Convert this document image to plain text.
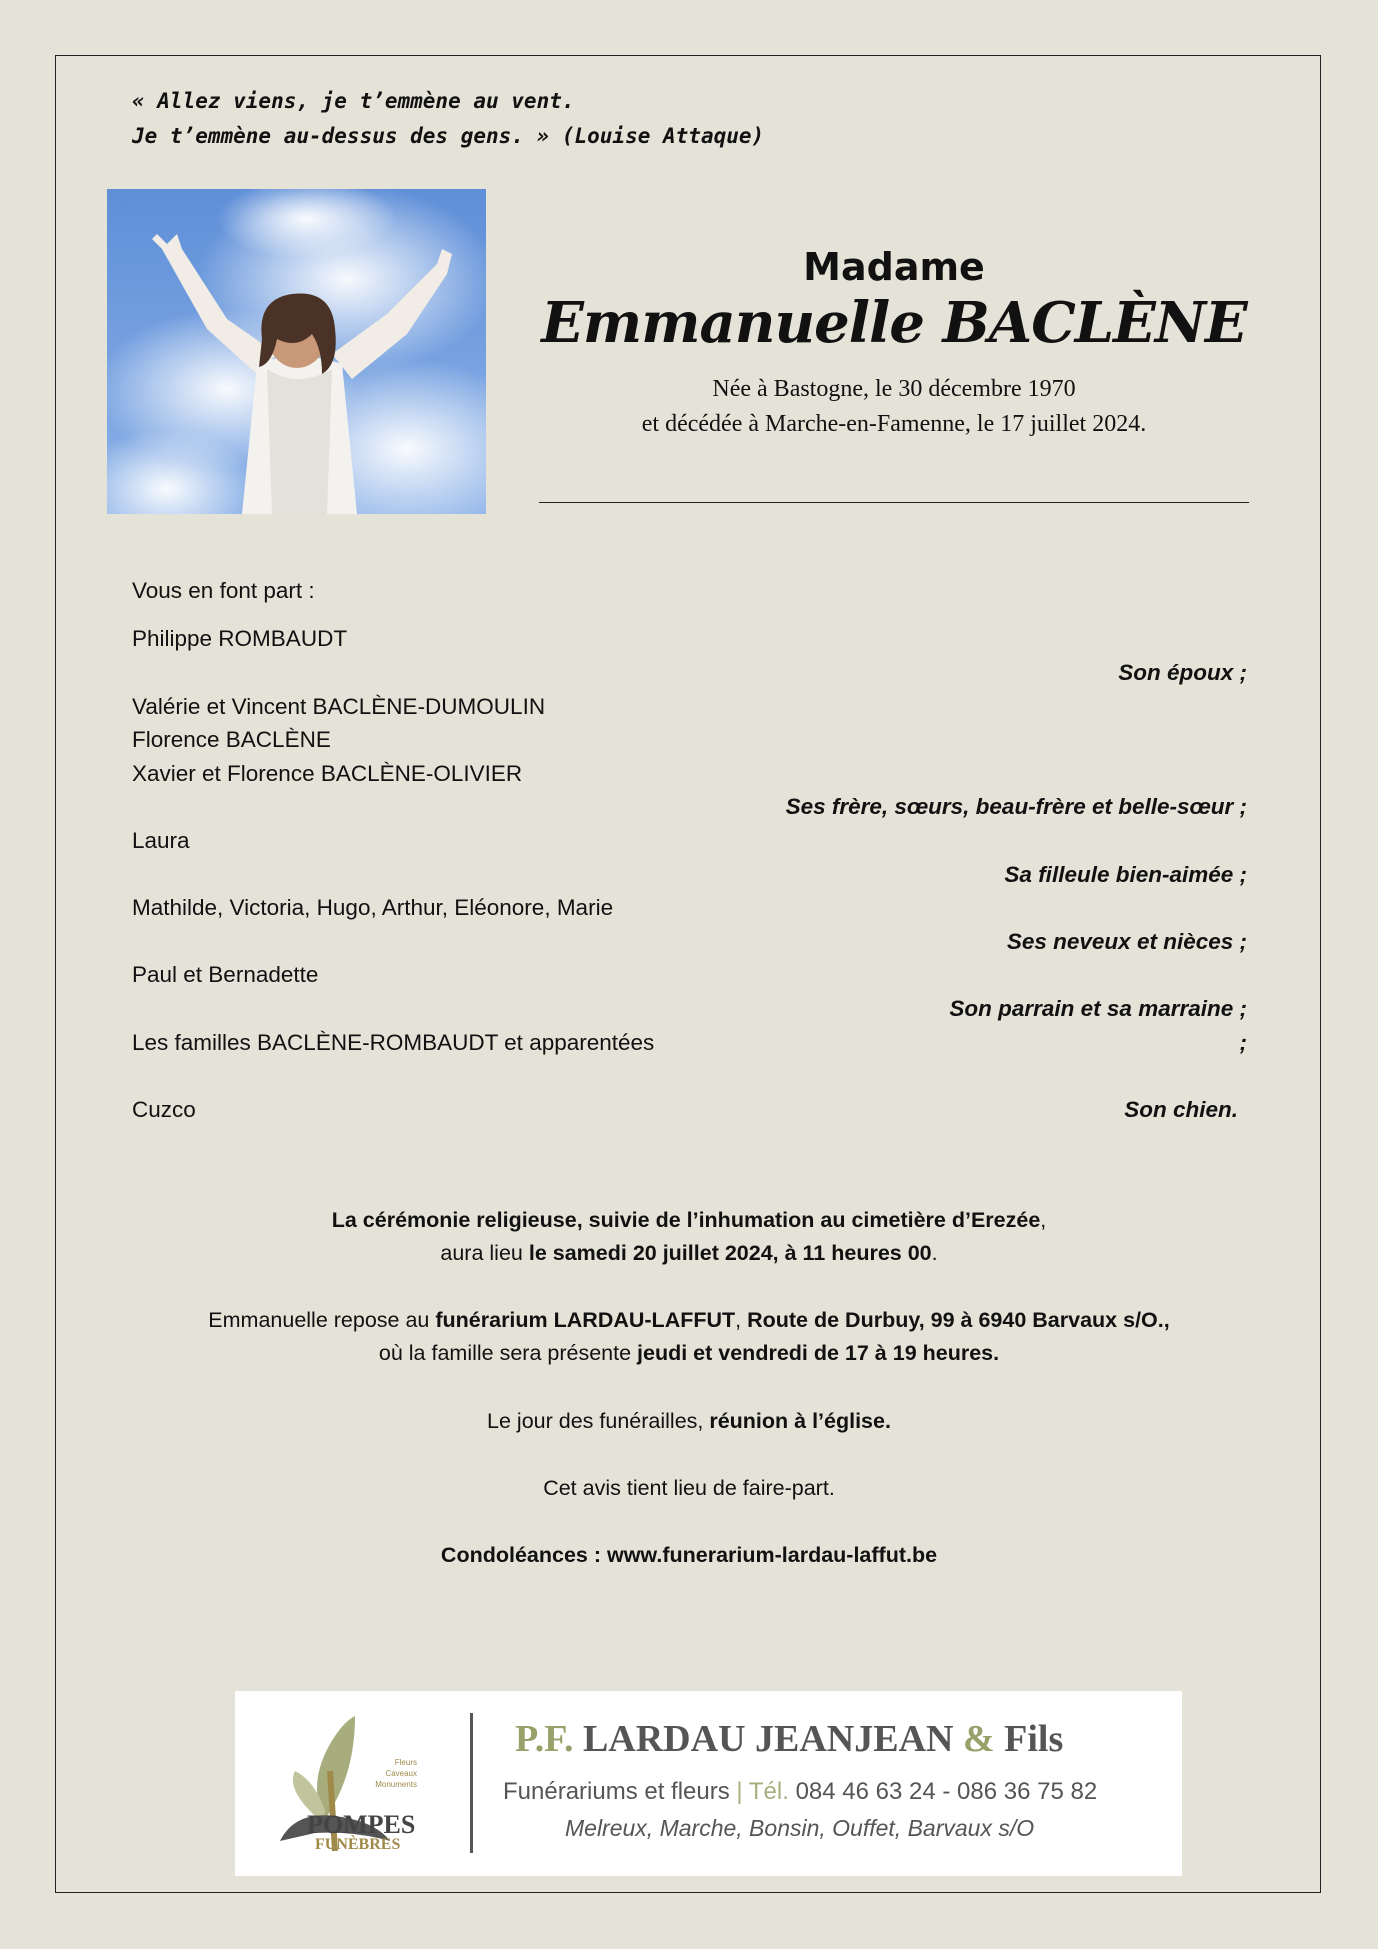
« Allez viens, je t’emmène au vent.
Je t’emmène au-dessus des gens. » (Louise Attaque)
Madame
Emmanuelle BACLÈNE
Née à Bastogne, le 30 décembre 1970
et décédée à Marche-en-Famenne, le 17 juillet 2024.
Vous en font part :
Philippe ROMBAUDT
Son époux ;
Valérie et Vincent BACLÈNE-DUMOULIN
Florence BACLÈNE
Xavier et Florence BACLÈNE-OLIVIER
Ses frère, sœurs, beau-frère et belle-sœur ;
Laura
Sa filleule bien-aimée ;
Mathilde, Victoria, Hugo, Arthur, Eléonore, Marie
Ses neveux et nièces ;
Paul et Bernadette
Son parrain et sa marraine ;
Les familles BACLÈNE-ROMBAUDT et apparentées	;
Cuzco	Son chien.
La cérémonie religieuse, suivie de l’inhumation au cimetière d’Erezée,
aura lieu le samedi 20 juillet 2024, à 11 heures 00.
Emmanuelle repose au funérarium LARDAU-LAFFUT, Route de Durbuy, 99 à 6940 Barvaux s/O.,
où la famille sera présente jeudi et vendredi de 17 à 19 heures.
Le jour des funérailles, réunion à l’église.
Cet avis tient lieu de faire-part.
Condoléances : www.funerarium-lardau-laffut.be
Fleurs
Caveaux
Monuments
POMPES
FUNÈBRES
P.F. LARDAU JEANJEAN & Fils
Funérariums et fleurs | Tél. 084 46 63 24 - 086 36 75 82
Melreux, Marche, Bonsin, Ouffet, Barvaux s/O
